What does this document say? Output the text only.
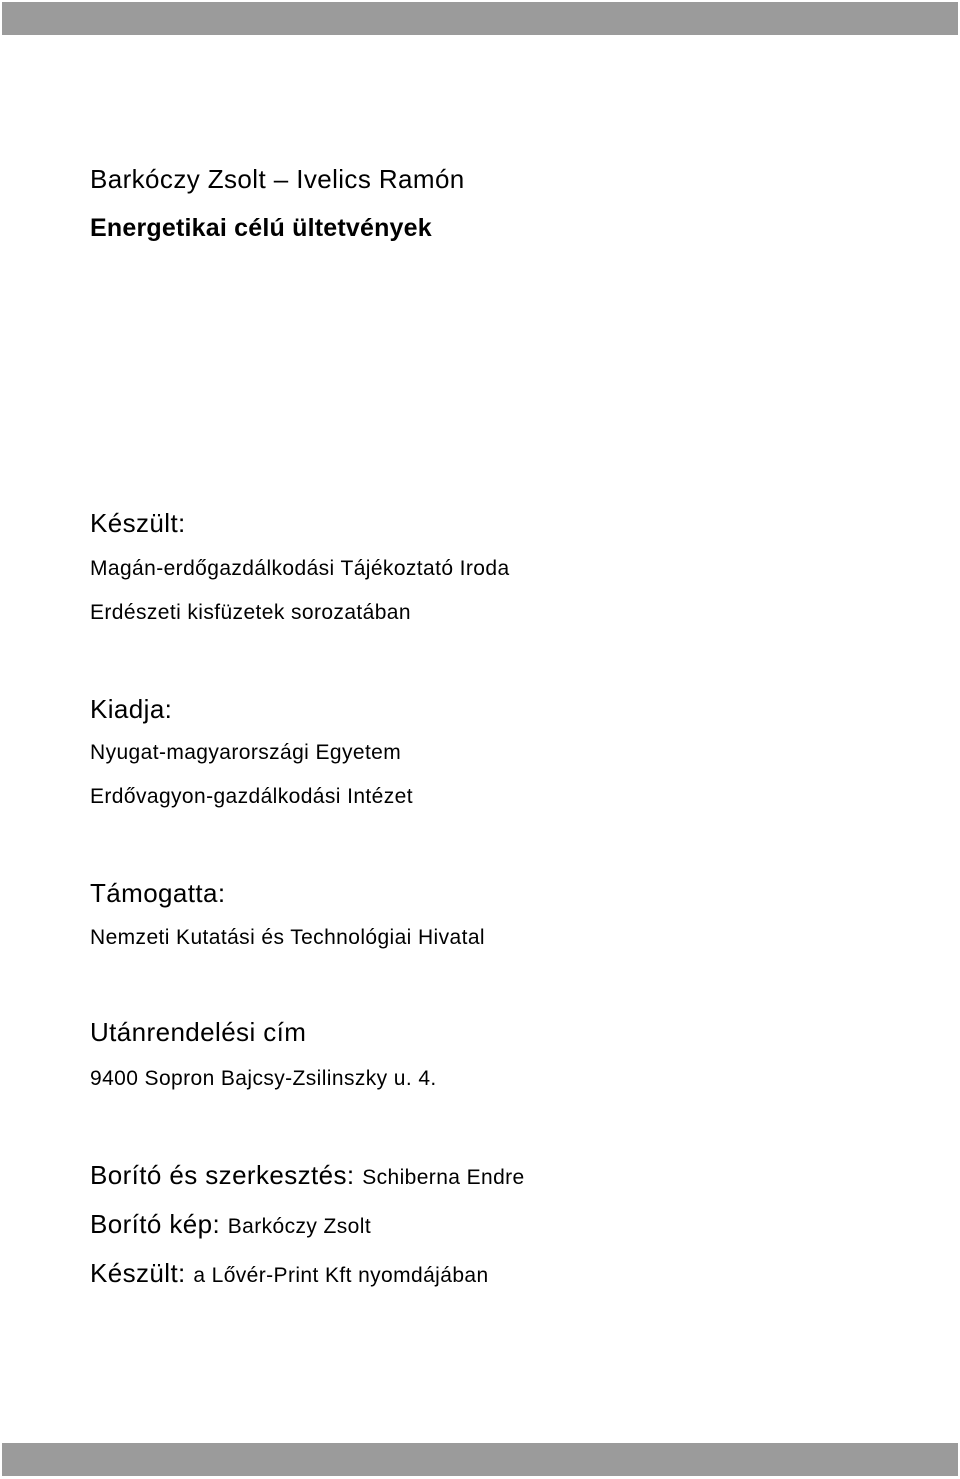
Barkóczy Zsolt – Ivelics Ramón
Energetikai célú ültetvények
Készült:
Magán-erdőgazdálkodási Tájékoztató Iroda
Erdészeti kisfüzetek sorozatában
Kiadja:
Nyugat-magyarországi Egyetem
Erdővagyon-gazdálkodási Intézet
Támogatta:
Nemzeti Kutatási és Technológiai Hivatal
Utánrendelési cím
9400 Sopron Bajcsy-Zsilinszky u. 4.
Borító és szerkesztés: Schiberna Endre
Borító kép: Barkóczy Zsolt
Készült: a Lővér-Print Kft nyomdájában
